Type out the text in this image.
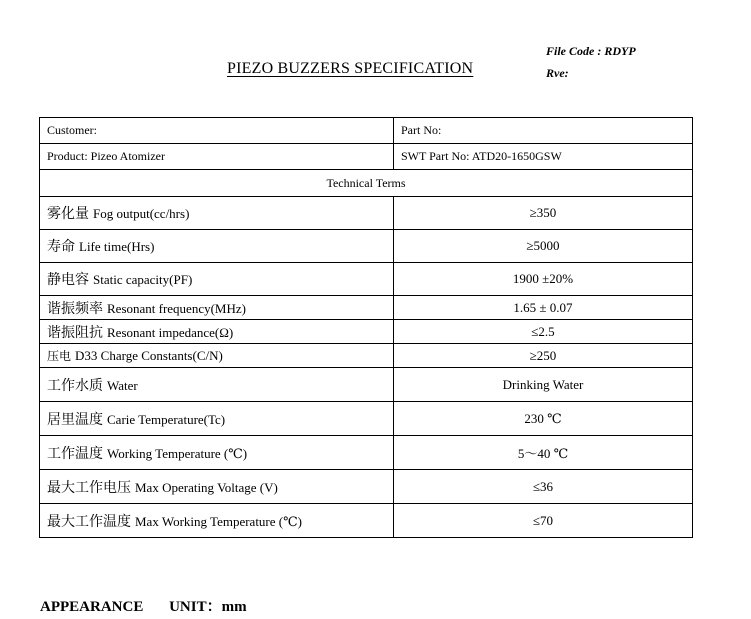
PIEZO BUZZERS SPECIFICATION
File Code : RDYP
Rve:
Customer:	Part No:
Product: Pizeo Atomizer	SWT Part No: ATD20-1650GSW
Technical Terms	
雾化量 Fog output(cc/hrs)	≥350
寿命 Life time(Hrs)	≥5000
静电容 Static capacity(PF)	1900 ±20%
谐振频率 Resonant frequency(MHz)	1.65 ± 0.07
谐振阻抗 Resonant impedance(Ω)	≤2.5
压电 D33 Charge Constants(C/N)	≥250
工作水质 Water	Drinking Water
居里温度 Carie Temperature(Tc)	230 ℃
工作温度 Working Temperature (℃)	5～40 ℃
最大工作电压 Max Operating Voltage (V)	≤36
最大工作温度 Max Working Temperature (℃)	≤70
APPEARANCE UNIT：mm
